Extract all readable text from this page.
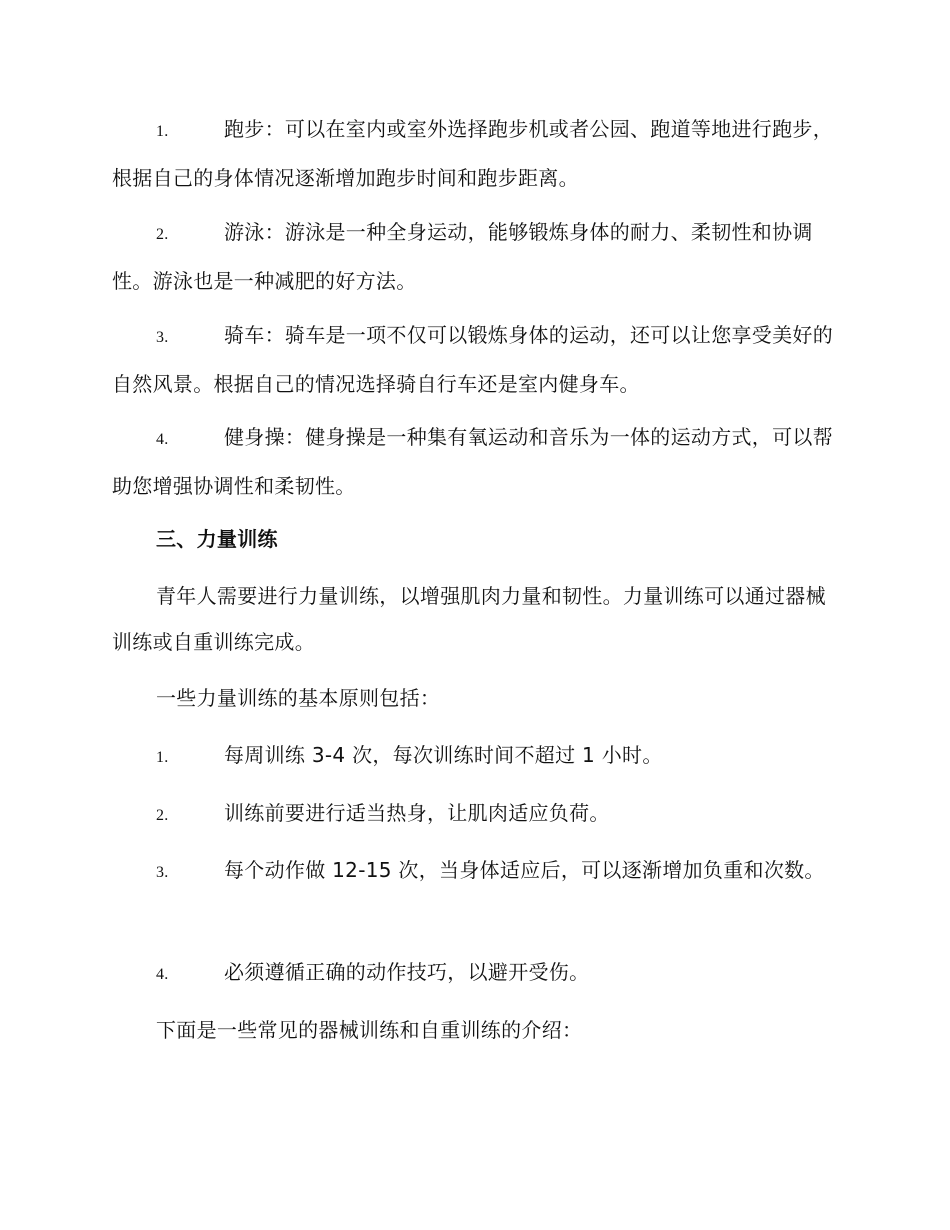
1.	跑步：可以在室内或室外选择跑步机或者公园、跑道等地进行跑步，根据自己的身体情况逐渐增加跑步时间和跑步距离。
2.	游泳：游泳是一种全身运动，能够锻炼身体的耐力、柔韧性和协调性。游泳也是一种减肥的好方法。
3.	骑车：骑车是一项不仅可以锻炼身体的运动，还可以让您享受美好的自然风景。根据自己的情况选择骑自行车还是室内健身车。
4.	健身操：健身操是一种集有氧运动和音乐为一体的运动方式，可以帮助您增强协调性和柔韧性。
三、力量训练
青年人需要进行力量训练，以增强肌肉力量和韧性。力量训练可以通过器械训练或自重训练完成。
一些力量训练的基本原则包括：
1.	每周训练 3-4 次，每次训练时间不超过 1 小时。
2.	训练前要进行适当热身，让肌肉适应负荷。
3.	每个动作做 12-15 次，当身体适应后，可以逐渐增加负重和次数。
4.	必须遵循正确的动作技巧，以避开受伤。
下面是一些常见的器械训练和自重训练的介绍：
